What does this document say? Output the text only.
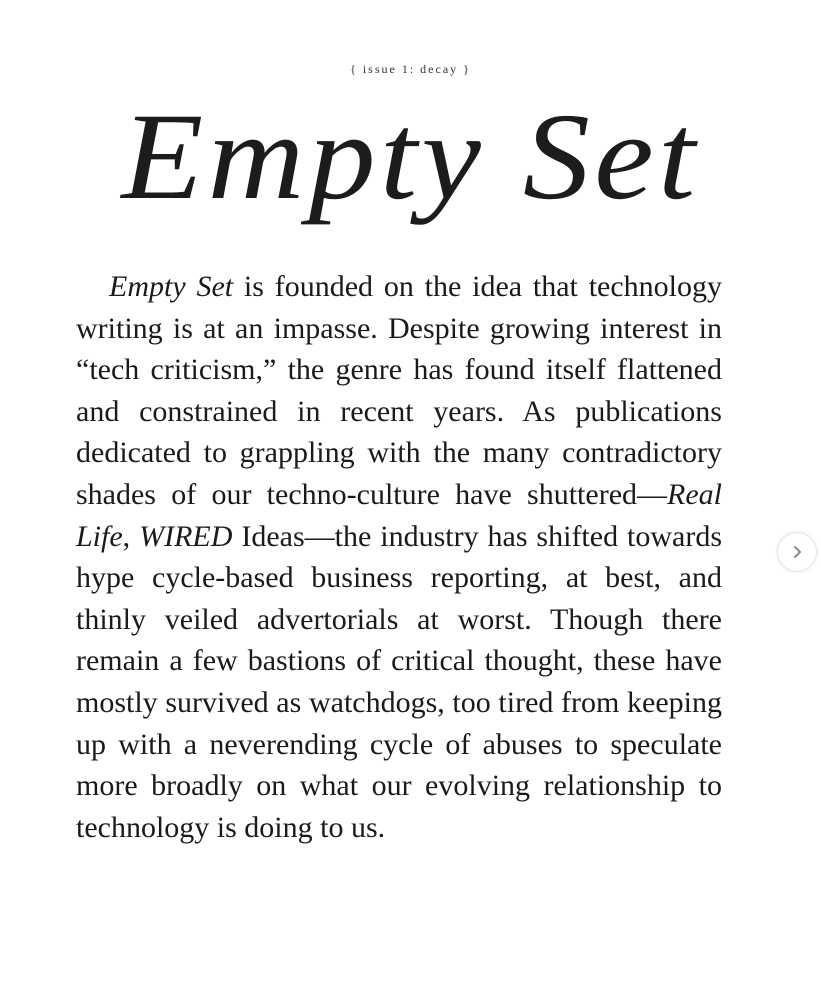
{ issue 1: decay }
Empty Set

Empty Set is founded on the idea that technology writing is at an impasse. Despite growing interest in “tech criticism,” the genre has found itself flattened and constrained in recent years. As publications dedicated to grappling with the many contradictory shades of our techno-culture have shuttered—Real Life, WIRED Ideas—the industry has shifted towards hype cycle-based business reporting, at best, and thinly veiled advertorials at worst. Though there remain a few bastions of critical thought, these have mostly survived as watchdogs, too tired from keeping up with a neverending cycle of abuses to speculate more broadly on what our evolving relationship to technology is doing to us.
